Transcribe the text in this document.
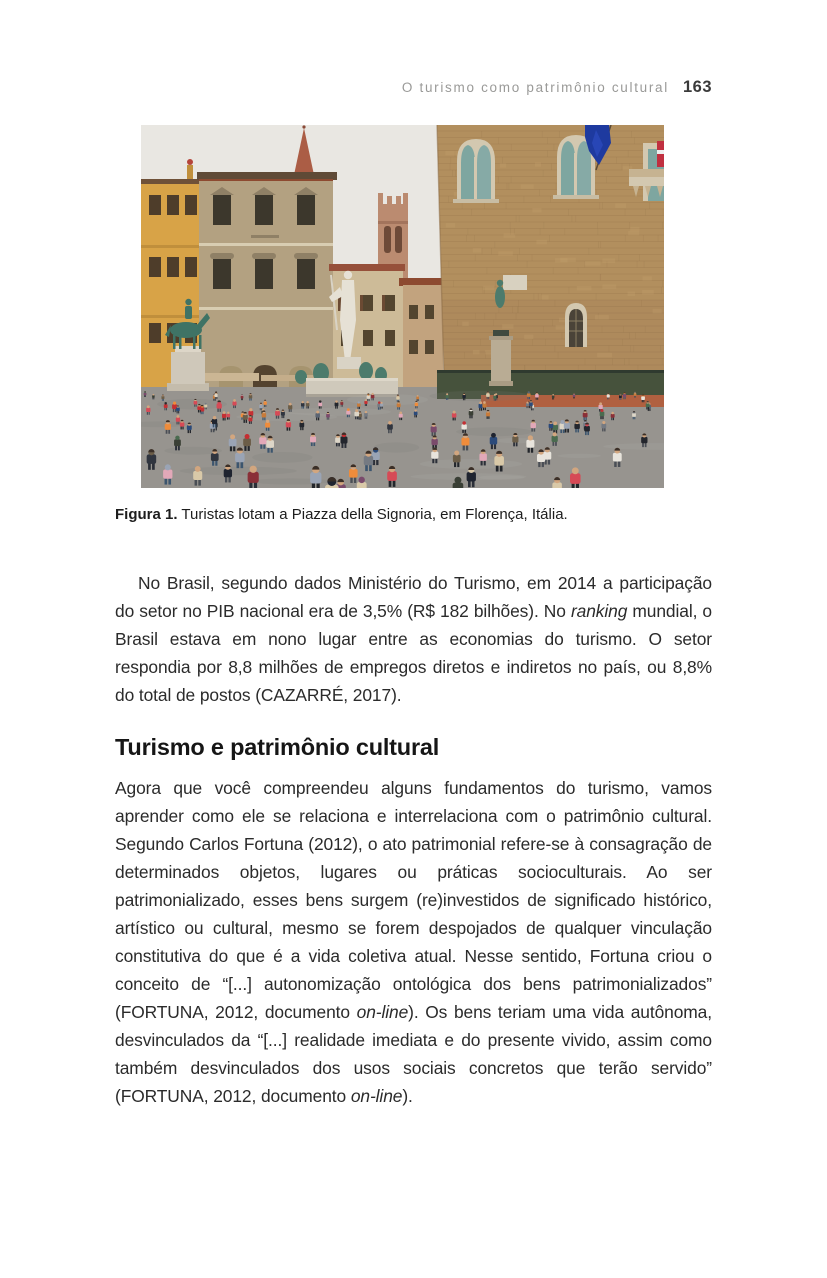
O turismo como patrimônio cultural 163
Figura 1. Turistas lotam a Piazza della Signoria, em Florença, Itália.

No Brasil, segundo dados Ministério do Turismo, em 2014 a participação do setor no PIB nacional era de 3,5% (R$ 182 bilhões). No ranking mundial, o Brasil estava em nono lugar entre as economias do turismo. O setor respondia por 8,8 milhões de empregos diretos e indiretos no país, ou 8,8% do total de postos (CAZARRÉ, 2017).

Turismo e patrimônio cultural

Agora que você compreendeu alguns fundamentos do turismo, vamos aprender como ele se relaciona e interrelaciona com o patrimônio cultural. Segundo Carlos Fortuna (2012), o ato patrimonial refere-se à consagração de determinados objetos, lugares ou práticas socioculturais. Ao ser patrimonializado, esses bens surgem (re)investidos de significado histórico, artístico ou cultural, mesmo se forem despojados de qualquer vinculação constitutiva do que é a vida coletiva atual. Nesse sentido, Fortuna criou o conceito de “[...] autonomização ontológica dos bens patrimonializados” (FORTUNA, 2012, documento on-line). Os bens teriam uma vida autônoma, desvinculados da “[...] realidade imediata e do presente vivido, assim como também desvinculados dos usos sociais concretos que terão servido” (FORTUNA, 2012, documento on-line).
